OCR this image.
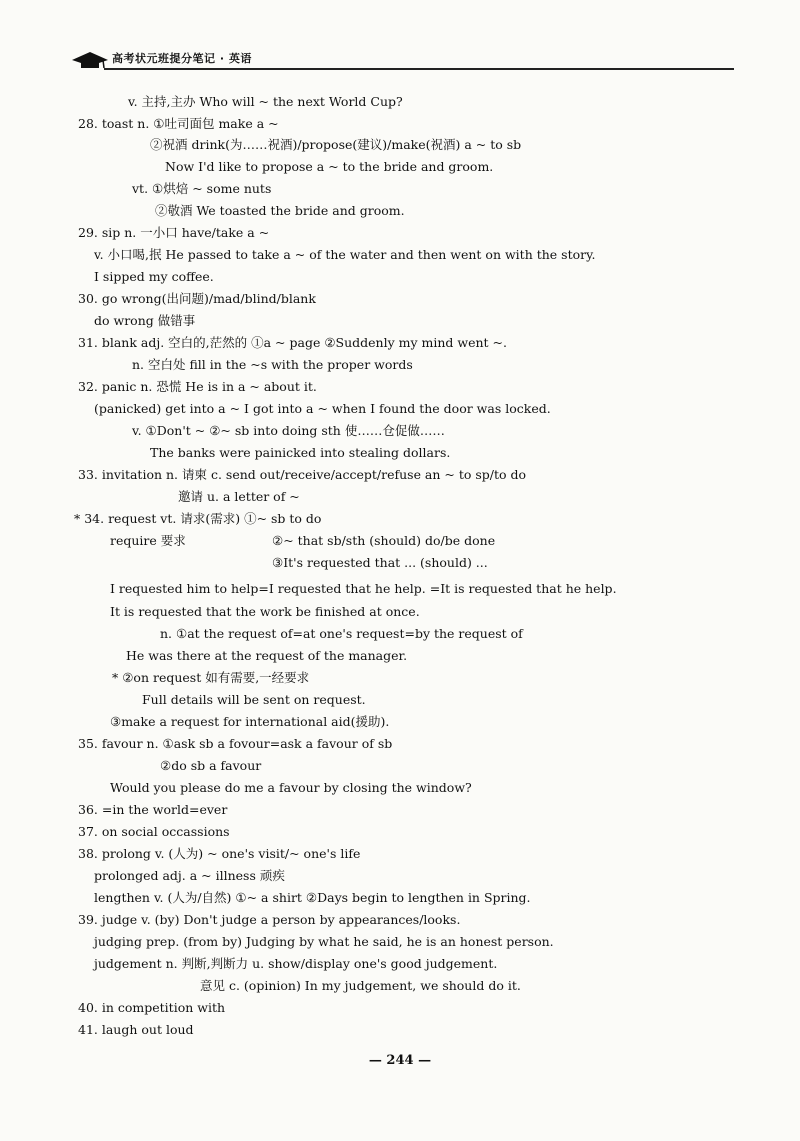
高考状元班提分笔记 · 英语
v. 主持,主办 Who will ~ the next World Cup?
28. toast n. ①吐司面包 make a ~
②祝酒 drink(为……祝酒)/propose(建议)/make(祝酒) a ~ to sb
Now I'd like to propose a ~ to the bride and groom.
vt. ①烘焙 ~ some nuts
②敬酒 We toasted the bride and groom.
29. sip n. 一小口 have/take a ~
v. 小口喝,抿 He passed to take a ~ of the water and then went on with the story.
I sipped my coffee.
30. go wrong(出问题)/mad/blind/blank
do wrong 做错事
31. blank adj. 空白的,茫然的 ①a ~ page ②Suddenly my mind went ~.
n. 空白处 fill in the ~s with the proper words
32. panic n. 恐慌 He is in a ~ about it.
(panicked) get into a ~ I got into a ~ when I found the door was locked.
v. ①Don't ~ ②~ sb into doing sth 使……仓促做……
The banks were painicked into stealing dollars.
33. invitation n. 请柬 c. send out/receive/accept/refuse an ~ to sp/to do
邀请 u. a letter of ~
* 34. request vt. 请求(需求) ①~ sb to do
require 要求	②~ that sb/sth (should) do/be done
③It's requested that ... (should) ...
I requested him to help=I requested that he help. =It is requested that he help.
It is requested that the work be finished at once.
n. ①at the request of=at one's request=by the request of
He was there at the request of the manager.
* ②on request 如有需要,一经要求
Full details will be sent on request.
③make a request for international aid(援助).
35. favour n. ①ask sb a fovour=ask a favour of sb
②do sb a favour
Would you please do me a favour by closing the window?
36. =in the world=ever
37. on social occassions
38. prolong v. (人为) ~ one's visit/~ one's life
prolonged adj. a ~ illness 顽疾
lengthen v. (人为/自然) ①~ a shirt ②Days begin to lengthen in Spring.
39. judge v. (by) Don't judge a person by appearances/looks.
judging prep. (from by) Judging by what he said, he is an honest person.
judgement n. 判断,判断力 u. show/display one's good judgement.
意见 c. (opinion) In my judgement, we should do it.
40. in competition with
41. laugh out loud
— 244 —
